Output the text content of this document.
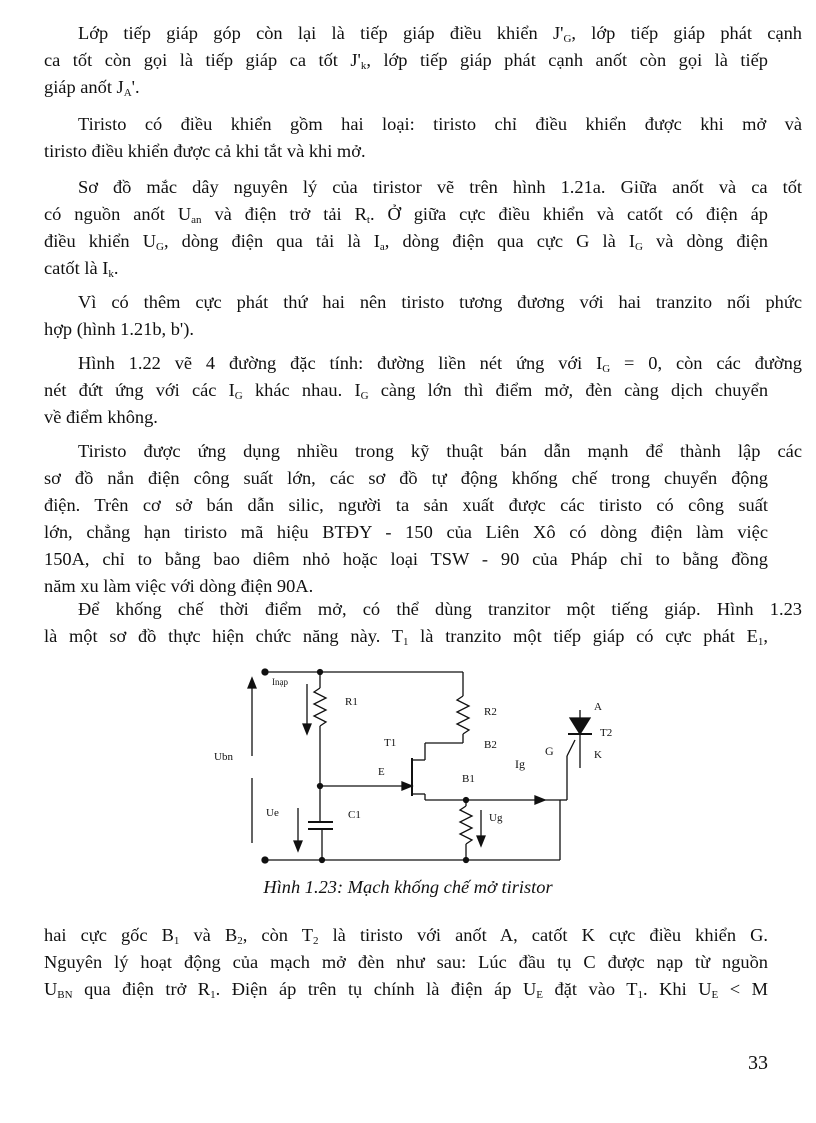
Lớp tiếp giáp góp còn lại là tiếp giáp điều khiển $J'_G$, lớp tiếp giáp phát cạnh
ca tốt còn gọi là tiếp giáp ca tốt $J'_k$, lớp tiếp giáp phát cạnh anốt còn gọi là tiếp
giáp anốt $J_A'$.
Tiristo có điều khiển gồm hai loại: tiristo chỉ điều khiển được khi mở và
tiristo điều khiển được cả khi tắt và khi mở.
Sơ đồ mắc dây nguyên lý của tiristor vẽ trên hình 1.21a. Giữa anốt và ca tốt
có nguồn anốt $U_{an}$ và điện trở tải $R_t$. Ở giữa cực điều khiển và catốt có điện áp
điều khiển $U_G$, dòng điện qua tải là $I_a$, dòng điện qua cực G là $I_G$ và dòng điện
catốt là $I_k$.
Vì có thêm cực phát thứ hai nên tiristo tương đương với hai tranzito nối phức
hợp (hình 1.21b, b').
Hình 1.22 vẽ 4 đường đặc tính: đường liền nét ứng với $I_G = 0$, còn các đường
nét đứt ứng với các $I_G$ khác nhau. $I_G$ càng lớn thì điểm mở, đèn càng dịch chuyển
về điểm không.
Tiristo được ứng dụng nhiều trong kỹ thuật bán dẫn mạnh để thành lập các
sơ đồ nắn điện công suất lớn, các sơ đồ tự động khống chế trong chuyển động
điện. Trên cơ sở bán dẫn silic, người ta sản xuất được các tiristo có công suất
lớn, chẳng hạn tiristo mã hiệu BTĐY - 150 của Liên Xô có dòng điện làm việc
150A, chỉ to bằng bao diêm nhỏ hoặc loại TSW - 90 của Pháp chỉ to bằng đồng
năm xu làm việc với dòng điện 90A.
Để khống chế thời điểm mở, có thể dùng tranzitor một tiếng giáp. Hình 1.23
là một sơ đồ thực hiện chức năng này. $T_1$ là tranzito một tiếp giáp có cực phát $E_1$,
Inạp
R1
R2
T1	B2
E
B1
Ubn	Ig
G
A
T2
K
Ue	C1	Ug
Hình 1.23: Mạch khống chế mở tiristor
hai cực gốc $B_1$ và $B_2$, còn $T_2$ là tiristo với anốt A, catốt K cực điều khiển G.
Nguyên lý hoạt động của mạch mở đèn như sau: Lúc đầu tụ C được nạp từ nguồn
$U_{BN}$ qua điện trở $R_1$. Điện áp trên tụ chính là điện áp $U_E$ đặt vào $T_1$. Khi $U_E < M$
33
